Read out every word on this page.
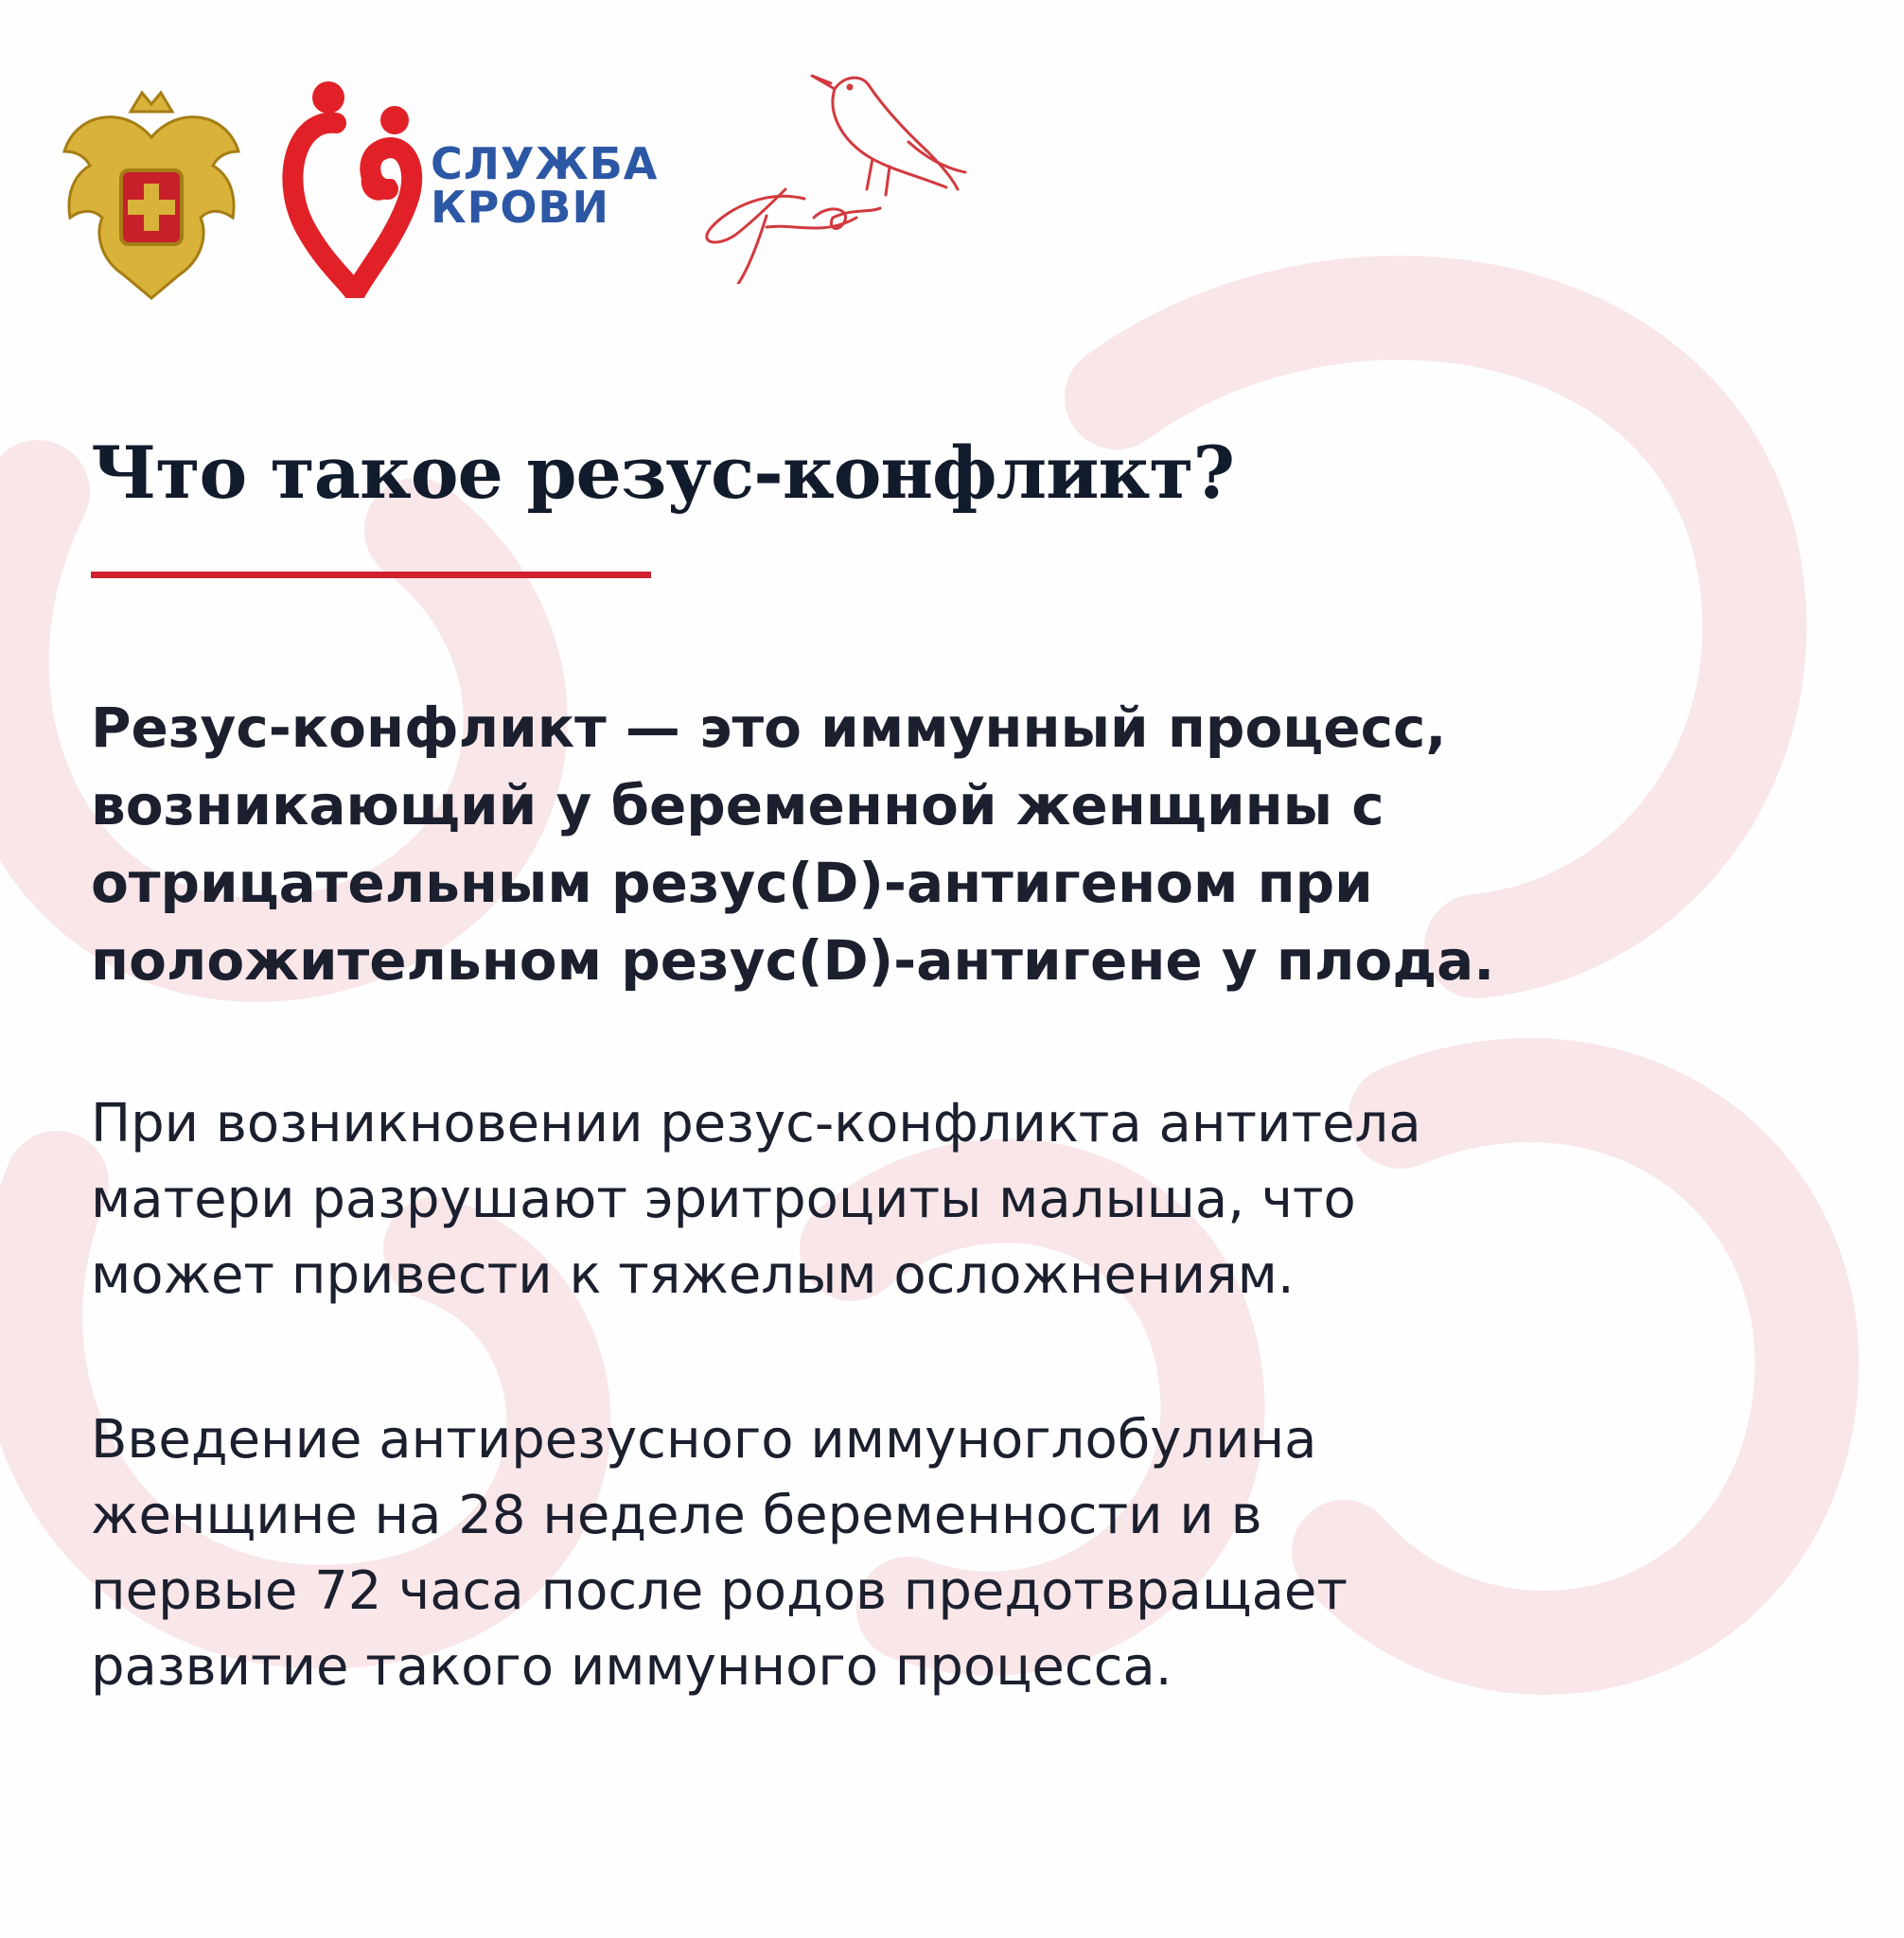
СЛУЖБА
КРОВИ
Что такое резус-конфликт?

Резус-конфликт — это иммунный процесс,
возникающий у беременной женщины с
отрицательным резус(D)-антигеном при
положительном резус(D)-антигене у плода.

При возникновении резус-конфликта антитела
матери разрушают эритроциты малыша, что
может привести к тяжелым осложнениям.

Введение антирезусного иммуноглобулина
женщине на 28 неделе беременности и в
первые 72 часа после родов предотвращает
развитие такого иммунного процесса.
